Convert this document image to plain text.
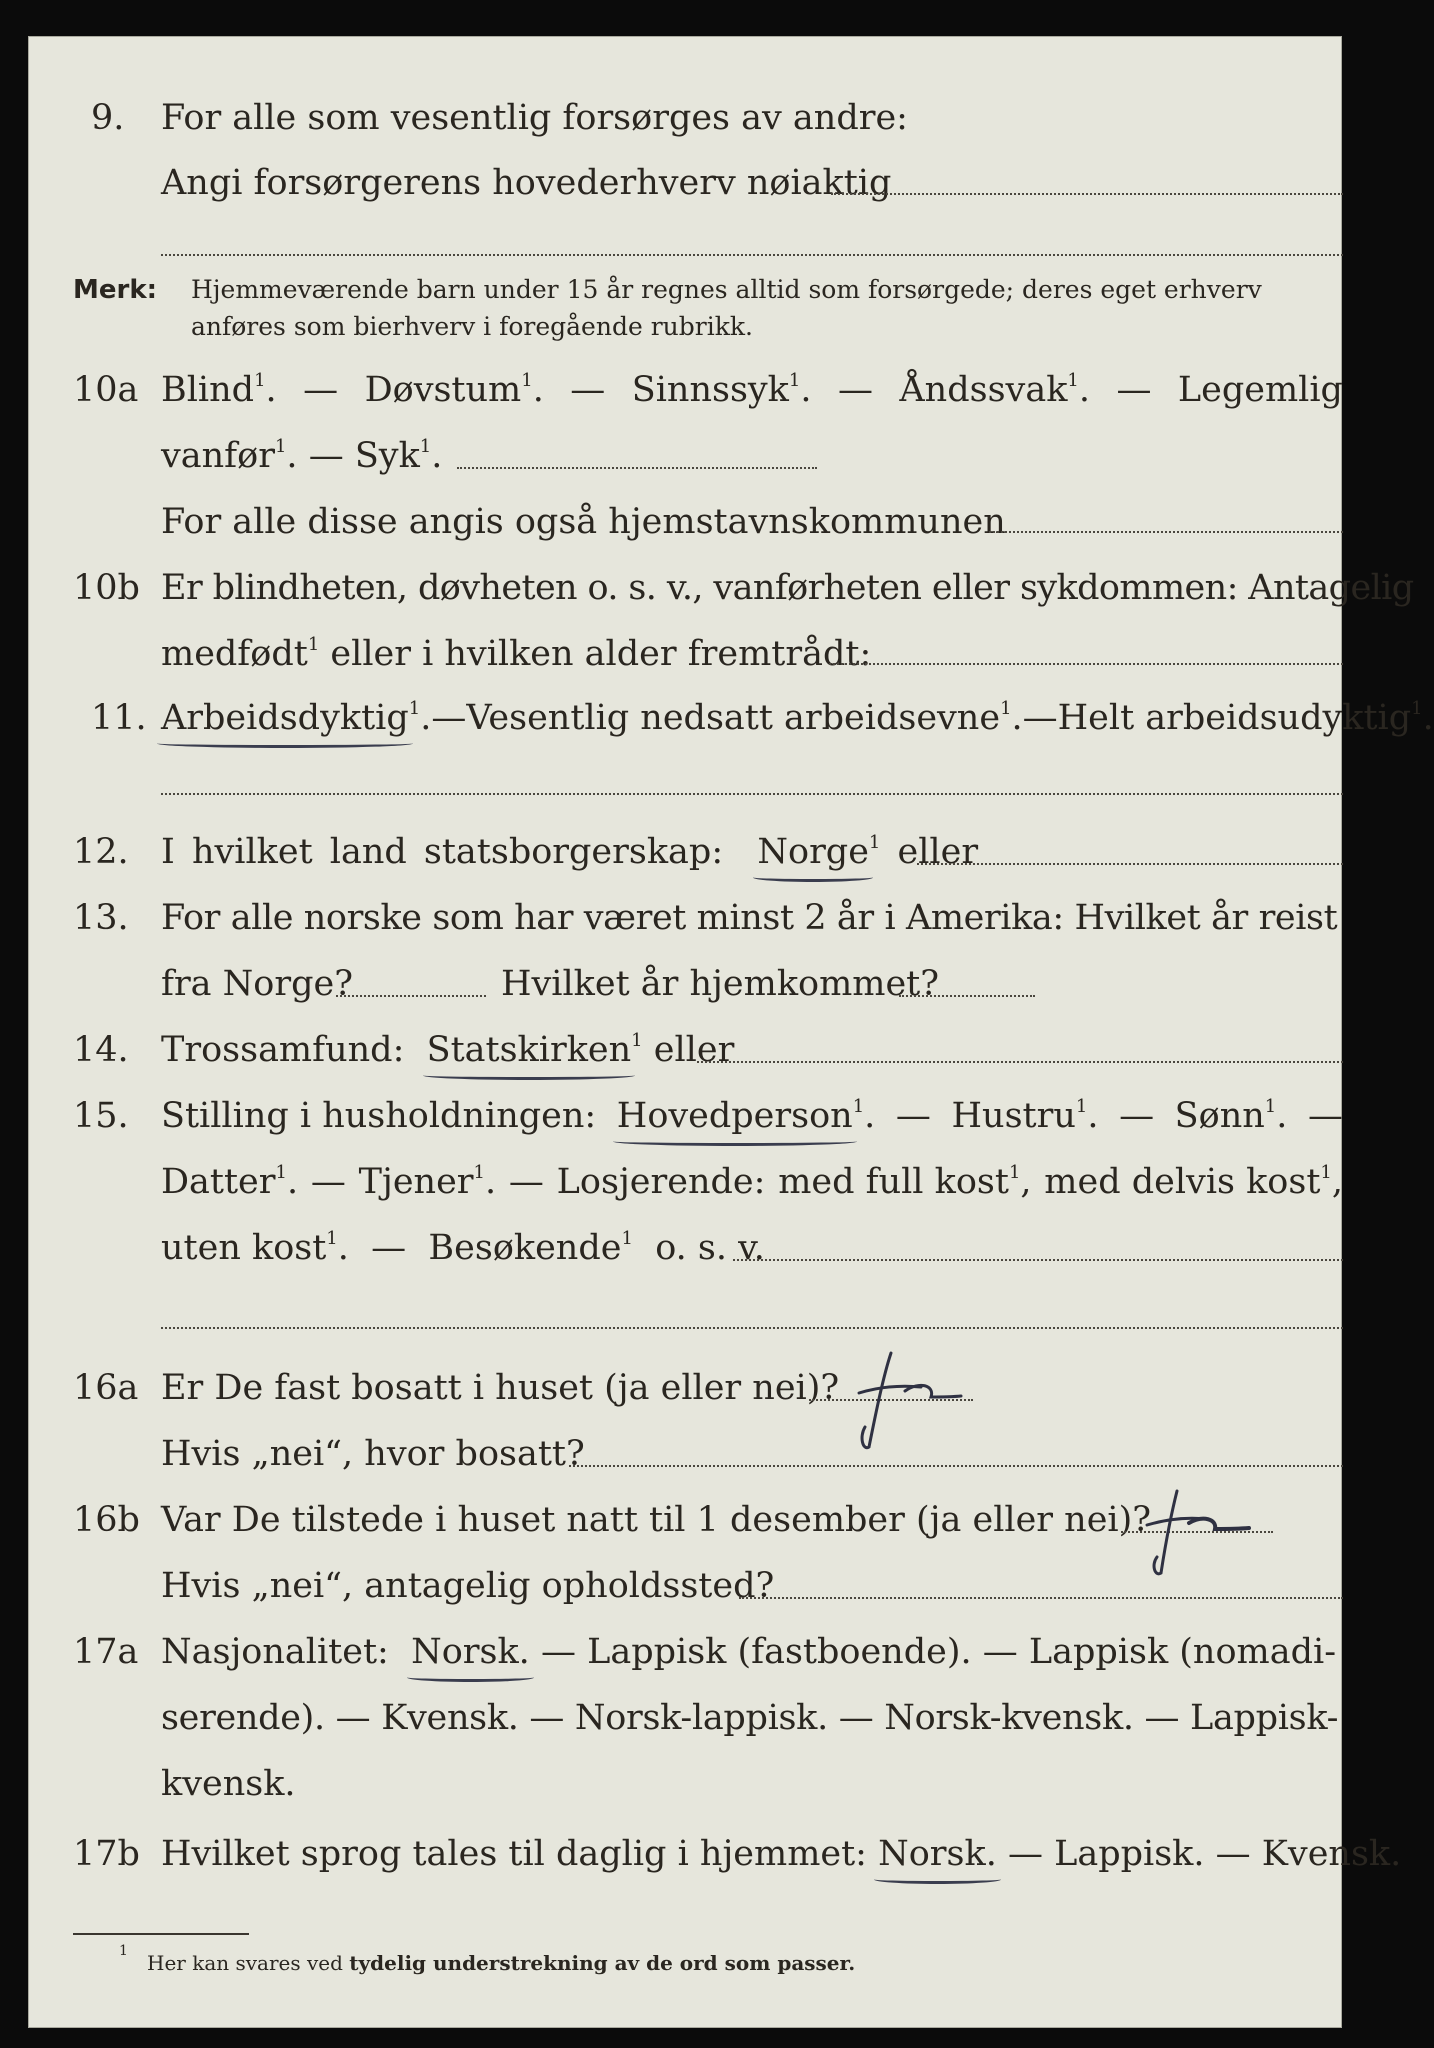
9. For alle som vesentlig forsørges av andre:
Angi forsørgerens hovederhverv nøiaktig
Merk: Hjemmeværende barn under 15 år regnes alltid som forsørgede; deres eget erhverv
anføres som bierhverv i foregående rubrikk.
10a Blind$^1$. — Døvstum$^1$. — Sinnssyk$^1$. — Åndssvak$^1$. — Legemlig
vanfør$^1$. — Syk$^1$.
For alle disse angis også hjemstavnskommunen
10b Er blindheten, døvheten o. s. v., vanførheten eller sykdommen: Antagelig
medfødt$^1$ eller i hvilken alder fremtrådt:
11. Arbeidsdyktig$^1$. — Vesentlig nedsatt arbeidsevne$^1$. — Helt arbeidsudyktig$^1$.
12. I hvilket land statsborgerskap: Norge$^1$ eller
13. For alle norske som har været minst 2 år i Amerika: Hvilket år reist
fra Norge?	Hvilket år hjemkommet?
14. Trossamfund: Statskirken$^1$ eller
15. Stilling i husholdningen: Hovedperson$^1$. — Hustru$^1$. — Sønn$^1$. —
Datter$^1$. — Tjener$^1$. — Losjerende: med full kost$^1$, med delvis kost$^1$,
uten kost$^1$. — Besøkende$^1$ o. s. v.
16a Er De fast bosatt i huset (ja eller nei)?
Ja
Hvis „nei“, hvor bosatt?
16b Var De tilstede i huset natt til 1 desember (ja eller nei)?
Ja
Hvis „nei“, antagelig opholdssted?
17a Nasjonalitet: Norsk. — Lappisk (fastboende). — Lappisk (nomadi-
serende). — Kvensk. — Norsk-lappisk. — Norsk-kvensk. — Lappisk-
kvensk.
17b Hvilket sprog tales til daglig i hjemmet: Norsk. — Lappisk. — Kvensk.
$^1$ Her kan svares ved tydelig understrekning av de ord som passer.
